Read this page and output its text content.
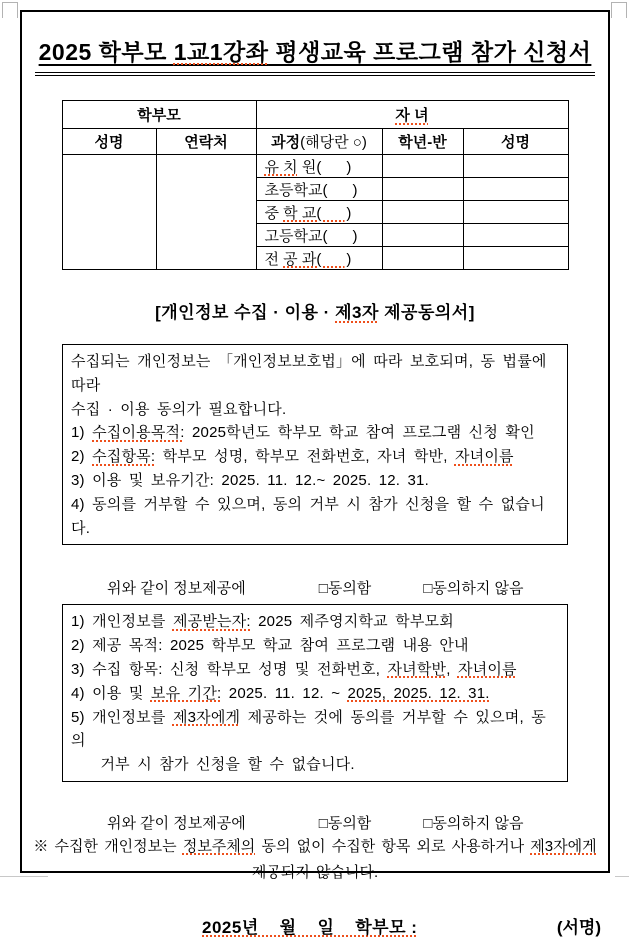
2025 학부모 1교1강좌 평생교육 프로그램 참가 신청서
학부모		자 녀		
성명	연락처	과정(해당란 ○)	학년-반	성명
		유 치 원(      )		
		초등학교(      )		
		중 학 교(      )		
		고등학교(      )		
		전 공 과(      )		
[개인정보 수집 · 이용 · 제3자 제공동의서]
수집되는 개인정보는 「개인정보보호법」에 따라 보호되며, 동 법률에 따라
수집 · 이용 동의가 필요합니다.
1) 수집이용목적: 2025학년도 학부모 학교 참여 프로그램 신청 확인
2) 수집항목: 학부모 성명, 학부모 전화번호, 자녀 학반, 자녀이름
3) 이용 및 보유기간: 2025. 11. 12.~ 2025. 12. 31.
4) 동의를 거부할 수 있으며, 동의 거부 시 참가 신청을 할 수 없습니다.

위와 같이 정보제공에	□동의함	□동의하지 않음

1) 개인정보를 제공받는자: 2025 제주영지학교 학부모회
2) 제공 목적: 2025 학부모 학교 참여 프로그램 내용 안내
3) 수집 항목: 신청 학부모 성명 및 전화번호, 자녀학반, 자녀이름
4) 이용 및 보유 기간: 2025. 11. 12. ~ 2025, 2025. 12. 31.
5) 개인정보를 제3자에게 제공하는 것에 동의를 거부할 수 있으며, 동의
거부 시 참가 신청을 할 수 없습니다.

위와 같이 정보제공에	□동의함	□동의하지 않음

※ 수집한 개인정보는 정보주체의 동의 없이 수집한 항목 외로 사용하거나 제3자에게
제공되지 않습니다.
2025년    월    일    학부모 :	(서명)
